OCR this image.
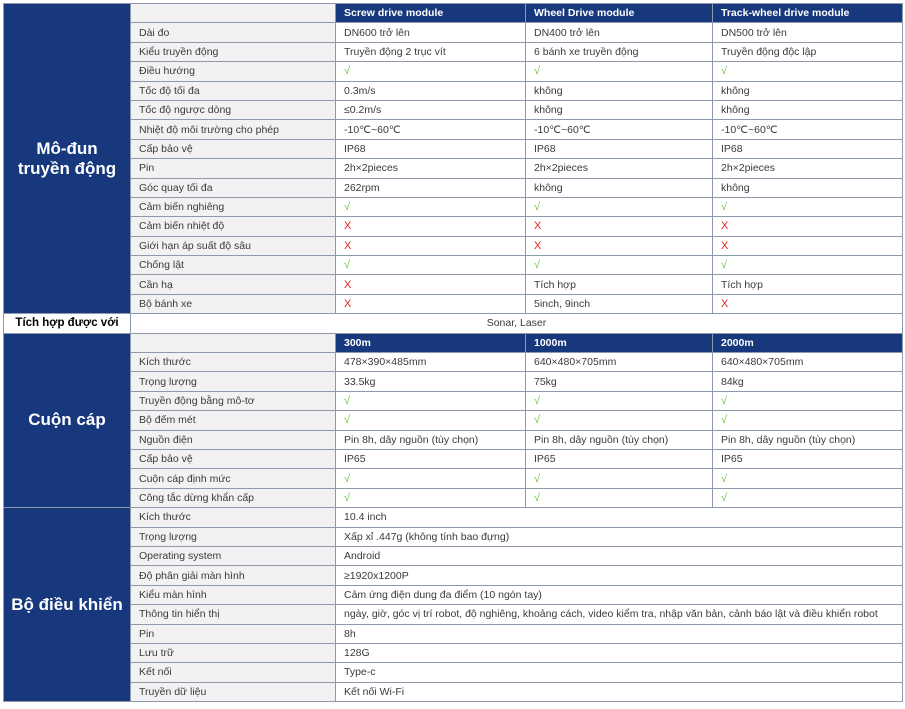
Mô-đun truyền động		Screw drive module	Wheel Drive module	Track-wheel drive module
	Dài đo	DN600 trở lên	DN400 trở lên	DN500 trở lên
	Kiểu truyền động	Truyền động 2 trục vít	6 bánh xe truyền động	Truyền động độc lập
	Điều hướng	√	√	√
	Tốc độ tối đa	0.3m/s	không	không
	Tốc độ ngược dòng	≤0.2m/s	không	không
	Nhiệt độ môi trường cho phép	-10℃~60℃	-10℃~60℃	-10℃~60℃
	Cấp bảo vệ	IP68	IP68	IP68
	Pin	2h×2pieces	2h×2pieces	2h×2pieces
	Góc quay tối đa	262rpm	không	không
	Cảm biến nghiêng	√	√	√
	Cảm biến nhiệt độ	X	X	X
	Giới hạn áp suất độ sâu	X	X	X
	Chống lật	√	√	√
	Cần hạ	X	Tích hợp	Tích hợp
	Bộ bánh xe	X	5inch, 9inch	X
Tích hợp được với	Sonar, Laser			
Cuộn cáp		300m	1000m	2000m
	Kích thước	478×390×485mm	640×480×705mm	640×480×705mm
	Trọng lượng	33.5kg	75kg	84kg
	Truyền động bằng mô-tơ	√	√	√
	Bộ đếm mét	√	√	√
	Nguồn điện	Pin 8h, dây nguồn (tùy chọn)	Pin 8h, dây nguồn (tùy chọn)	Pin 8h, dây nguồn (tùy chọn)
	Cấp bảo vệ	IP65	IP65	IP65
	Cuộn cáp định mức	√	√	√
	Công tắc dừng khẩn cấp	√	√	√
Bộ điều khiển	Kích thước	10.4 inch		
	Trọng lượng	Xấp xỉ .447g (không tính bao đựng)		
	Operating system	Android		
	Độ phân giải màn hình	≥1920x1200P		
	Kiểu màn hình	Cảm ứng điện dung đa điểm (10 ngón tay)		
	Thông tin hiển thị	ngày, giờ, góc vị trí robot, độ nghiêng, khoảng cách, video kiểm tra, nhập văn bản, cảnh báo lật và điều khiển robot		
	Pin	8h		
	Lưu trữ	128G		
	Kết nối	Type-c		
	Truyền dữ liệu	Kết nối Wi-Fi		
